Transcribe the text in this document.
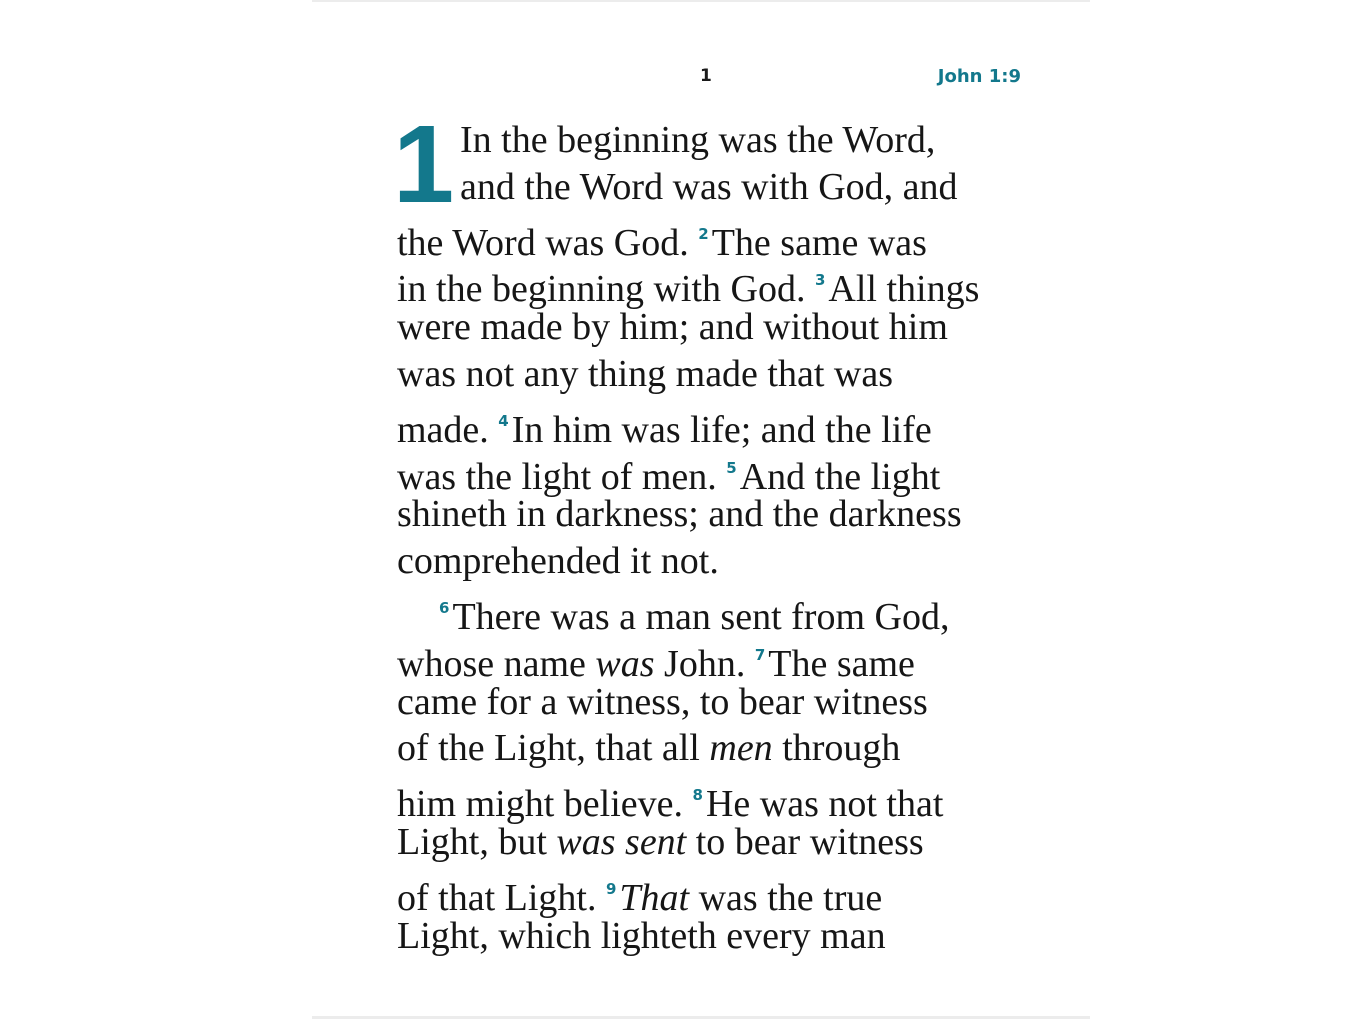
1	John 1:9
1 In the beginning was the Word,
and the Word was with God, and
the Word was God. $^2$The same was
in the beginning with God. $^3$All things
were made by him; and without him
was not any thing made that was
made. $^4$In him was life; and the life
was the light of men. $^5$And the light
shineth in darkness; and the darkness
comprehended it not.
$^6$There was a man sent from God,
whose name was John. $^7$The same
came for a witness, to bear witness
of the Light, that all men through
him might believe. $^8$He was not that
Light, but was sent to bear witness
of that Light. $^9$That was the true
Light, which lighteth every man
